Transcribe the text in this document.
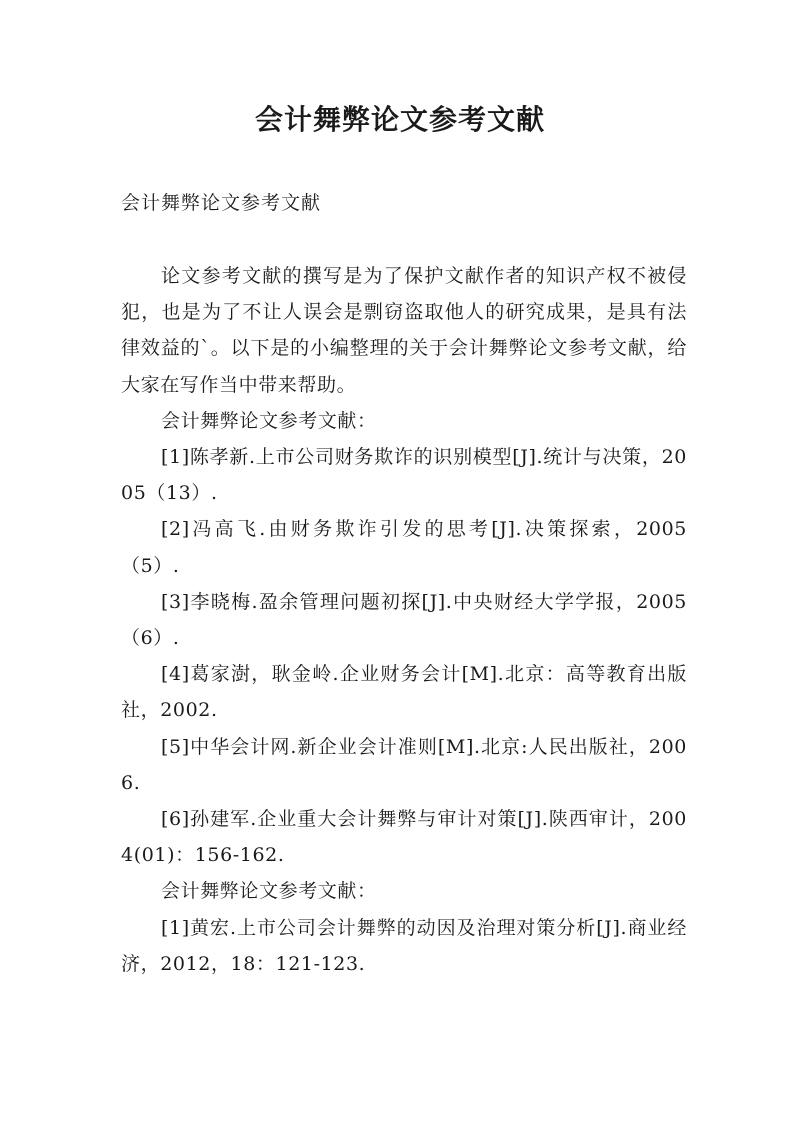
会计舞弊论文参考文献
会计舞弊论文参考文献

论文参考文献的撰写是为了保护文献作者的知识产权不被侵犯，也是为了不让人误会是剽窃盗取他人的研究成果，是具有法律效益的`。以下是的小编整理的关于会计舞弊论文参考文献，给大家在写作当中带来帮助。

会计舞弊论文参考文献：

[1]陈孝新.上市公司财务欺诈的识别模型[J].统计与决策，2005（13）.

[2]冯高飞.由财务欺诈引发的思考[J].决策探索，2005（5）.

[3]李晓梅.盈余管理问题初探[J].中央财经大学学报，2005（6）.

[4]葛家澍，耿金岭.企业财务会计[M].北京：高等教育出版社，2002.

[5]中华会计网.新企业会计准则[M].北京:人民出版社，2006.

[6]孙建军.企业重大会计舞弊与审计对策[J].陕西审计，2004(01)：156-162.

会计舞弊论文参考文献：

[1]黄宏.上市公司会计舞弊的动因及治理对策分析[J].商业经济，2012，18：121-123.
